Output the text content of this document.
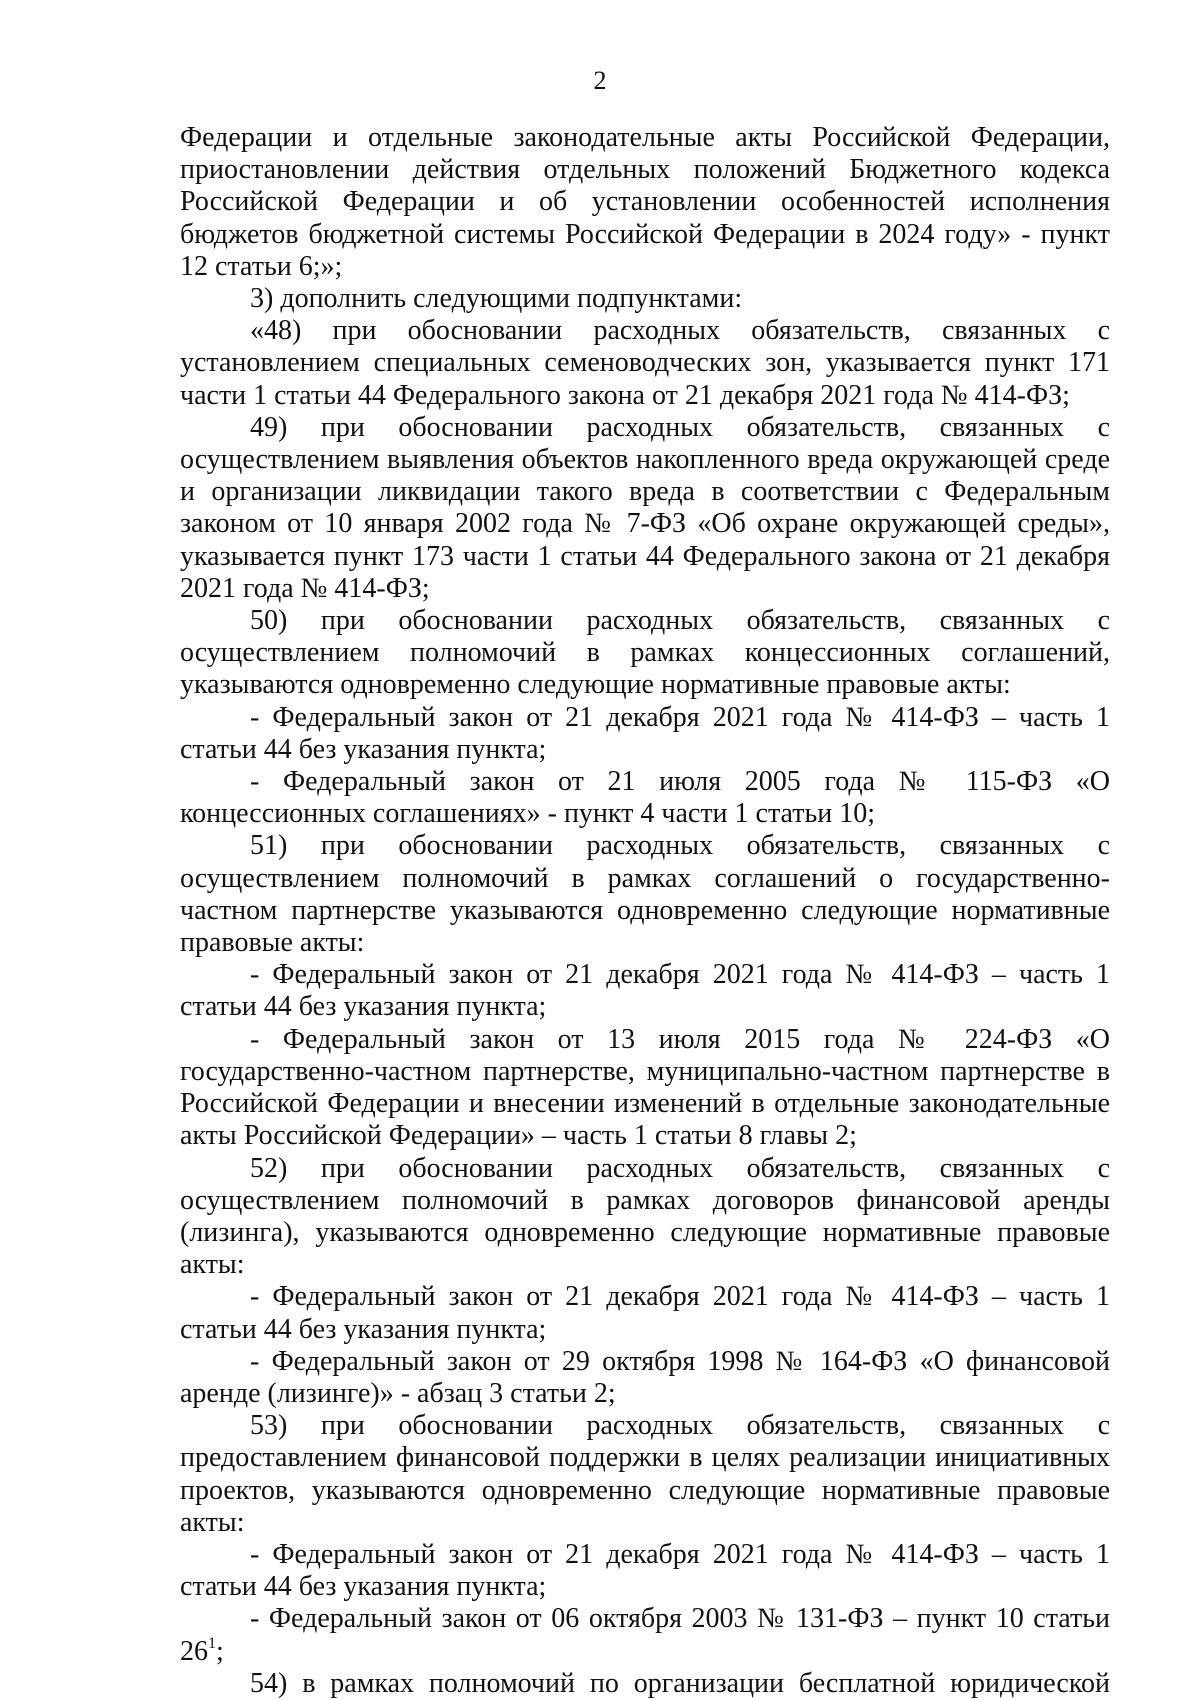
2

Федерации и отдельные законодательные акты Российской Федерации, приостановлении действия отдельных положений Бюджетного кодекса Российской Федерации и об установлении особенностей исполнения бюджетов бюджетной системы Российской Федерации в 2024 году» - пункт 12 статьи 6;»;

3) дополнить следующими подпунктами:

«48) при обосновании расходных обязательств, связанных с установлением специальных семеноводческих зон, указывается пункт 171 части 1 статьи 44 Федерального закона от 21 декабря 2021 года № 414-ФЗ;

49) при обосновании расходных обязательств, связанных с осуществлением выявления объектов накопленного вреда окружающей среде и организации ликвидации такого вреда в соответствии с Федеральным законом от 10 января 2002 года № 7-ФЗ «Об охране окружающей среды», указывается пункт 173 части 1 статьи 44 Федерального закона от 21 декабря 2021 года № 414-ФЗ;

50) при обосновании расходных обязательств, связанных с осуществлением полномочий в рамках концессионных соглашений, указываются одновременно следующие нормативные правовые акты:

- Федеральный закон от 21 декабря 2021 года № 414-ФЗ – часть 1 статьи 44 без указания пункта;

- Федеральный закон от 21 июля 2005 года № 115-ФЗ «О концессионных соглашениях» - пункт 4 части 1 статьи 10;

51) при обосновании расходных обязательств, связанных с осуществлением полномочий в рамках соглашений о государственно-частном партнерстве указываются одновременно следующие нормативные правовые акты:

- Федеральный закон от 21 декабря 2021 года № 414-ФЗ – часть 1 статьи 44 без указания пункта;

- Федеральный закон от 13 июля 2015 года № 224-ФЗ «О государственно-частном партнерстве, муниципально-частном партнерстве в Российской Федерации и внесении изменений в отдельные законодательные акты Российской Федерации» – часть 1 статьи 8 главы 2;

52) при обосновании расходных обязательств, связанных с осуществлением полномочий в рамках договоров финансовой аренды (лизинга), указываются одновременно следующие нормативные правовые акты:

- Федеральный закон от 21 декабря 2021 года № 414-ФЗ – часть 1 статьи 44 без указания пункта;

- Федеральный закон от 29 октября 1998 № 164-ФЗ «О финансовой аренде (лизинге)» - абзац 3 статьи 2;

53) при обосновании расходных обязательств, связанных с предоставлением финансовой поддержки в целях реализации инициативных проектов, указываются одновременно следующие нормативные правовые акты:

- Федеральный закон от 21 декабря 2021 года № 414-ФЗ – часть 1 статьи 44 без указания пункта;

- Федеральный закон от 06 октября 2003 № 131-ФЗ – пункт 10 статьи $26^1$;

54) в рамках полномочий по организации бесплатной юридической
